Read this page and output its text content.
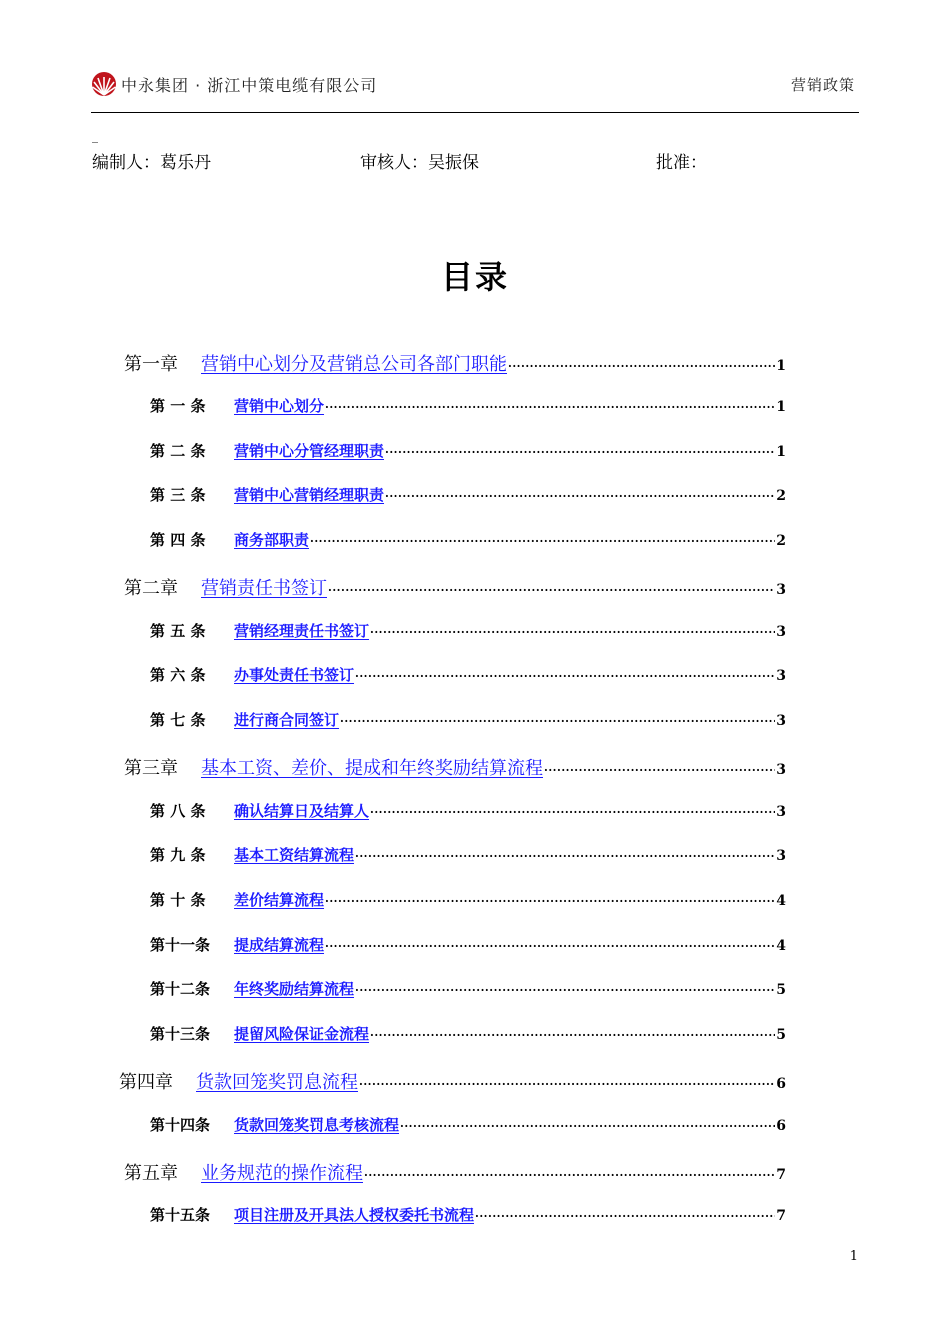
中永集团 · 浙江中策电缆有限公司	营销政策
_
编制人：葛乐丹	审核人：吴振保	批准：
目录
第一章	营销中心划分及营销总公司各部门职能 ·····	1
第 一 条	营销中心划分 ·····	1
第 二 条	营销中心分管经理职责 ·····	1
第 三 条	营销中心营销经理职责 ·····	2
第 四 条	商务部职责 ·····	2
第二章	营销责任书签订 ·····	3
第 五 条	营销经理责任书签订 ·····	3
第 六 条	办事处责任书签订 ·····	3
第 七 条	进行商合同签订 ·····	3
第三章	基本工资、差价、提成和年终奖励结算流程 ·····	3
第 八 条	确认结算日及结算人 ·····	3
第 九 条	基本工资结算流程 ·····	3
第 十 条	差价结算流程 ·····	4
第十一条	提成结算流程 ·····	4
第十二条	年终奖励结算流程 ·····	5
第十三条	提留风险保证金流程 ·····	5
第四章	货款回笼奖罚息流程 ·····	6
第十四条	货款回笼奖罚息考核流程 ·····	6
第五章	业务规范的操作流程 ·····	7
第十五条	项目注册及开具法人授权委托书流程 ·····	7
1
